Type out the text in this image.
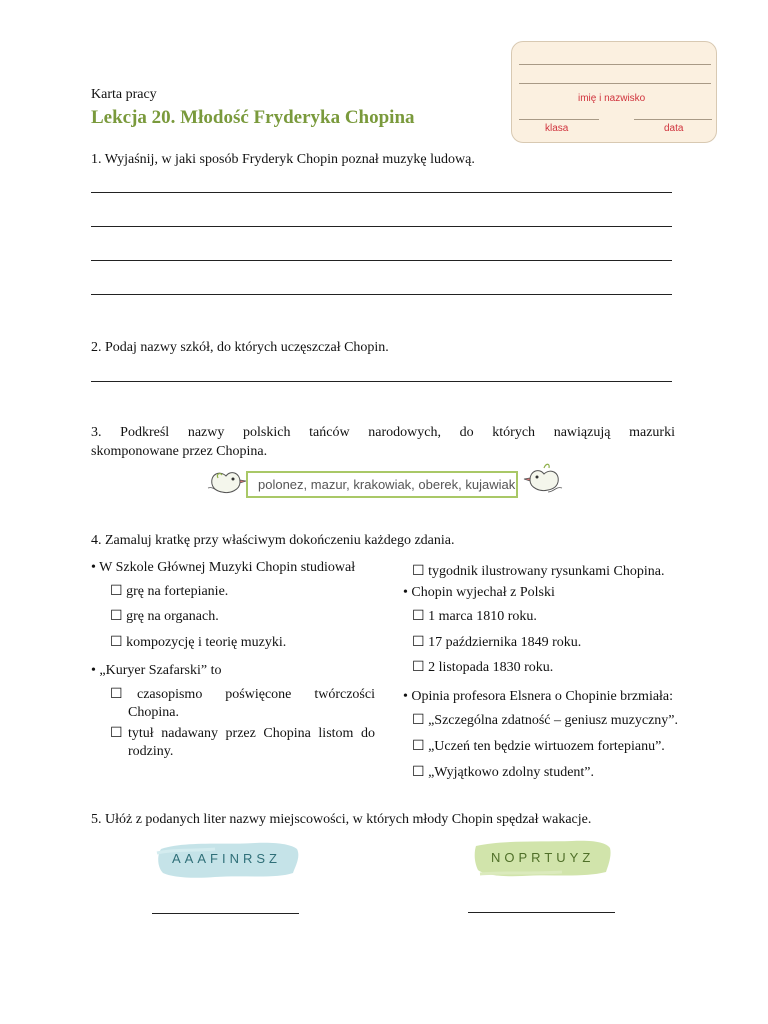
Karta pracy
Lekcja 20. Młodość Fryderyka Chopina
imię i nazwisko
klasa	data
1. Wyjaśnij, w jaki sposób Fryderyk Chopin poznał muzykę ludową.
2. Podaj nazwy szkół, do których uczęszczał Chopin.
3. Podkreśl nazwy polskich tańców narodowych, do których nawiązują mazurki
skomponowane przez Chopina.
polonez, mazur, krakowiak, oberek, kujawiak
4. Zamaluj kratkę przy właściwym dokończeniu każdego zdania.
• W Szkole Głównej Muzyki Chopin studiował
☐ grę na fortepianie.
☐ grę na organach.
☐ kompozycję i teorię muzyki.
• „Kuryer Szafarski” to
☐ czasopismo poświęcone twórczości
Chopina.
☐ tytuł nadawany przez Chopina listom do
rodziny.
☐ tygodnik ilustrowany rysunkami Chopina.
• Chopin wyjechał z Polski
☐ 1 marca 1810 roku.
☐ 17 października 1849 roku.
☐ 2 listopada 1830 roku.
• Opinia profesora Elsnera o Chopinie brzmiała:
☐ „Szczególna zdatność – geniusz muzyczny”.
☐ „Uczeń ten będzie wirtuozem fortepianu”.
☐ „Wyjątkowo zdolny student”.
5. Ułóż z podanych liter nazwy miejscowości, w których młody Chopin spędzał wakacje.
AAAFINRSZ	NOPRTUYZ
